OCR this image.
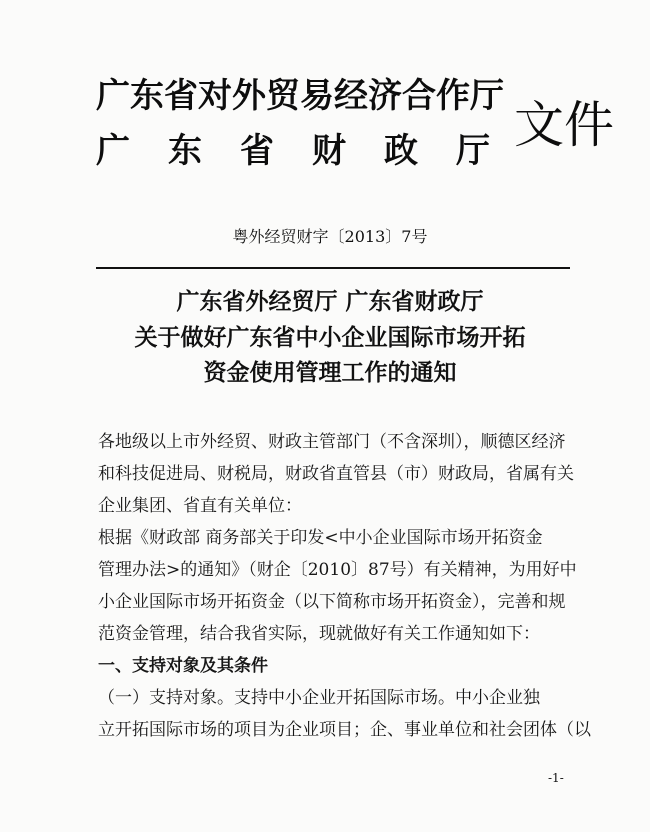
广东省对外贸易经济合作厅
广东省财政厅
文件
粤外经贸财字〔2013〕7号
广东省外经贸厅 广东省财政厅
关于做好广东省中小企业国际市场开拓
资金使用管理工作的通知
各地级以上市外经贸、财政主管部门（不含深圳），顺德区经济
和科技促进局、财税局，财政省直管县（市）财政局，省属有关
企业集团、省直有关单位：
根据《财政部 商务部关于印发<中小企业国际市场开拓资金
管理办法>的通知》（财企〔2010〕87号）有关精神，为用好中
小企业国际市场开拓资金（以下简称市场开拓资金），完善和规
范资金管理，结合我省实际，现就做好有关工作通知如下：
一、支持对象及其条件
（一）支持对象。支持中小企业开拓国际市场。中小企业独
立开拓国际市场的项目为企业项目；企、事业单位和社会团体（以
-1-
